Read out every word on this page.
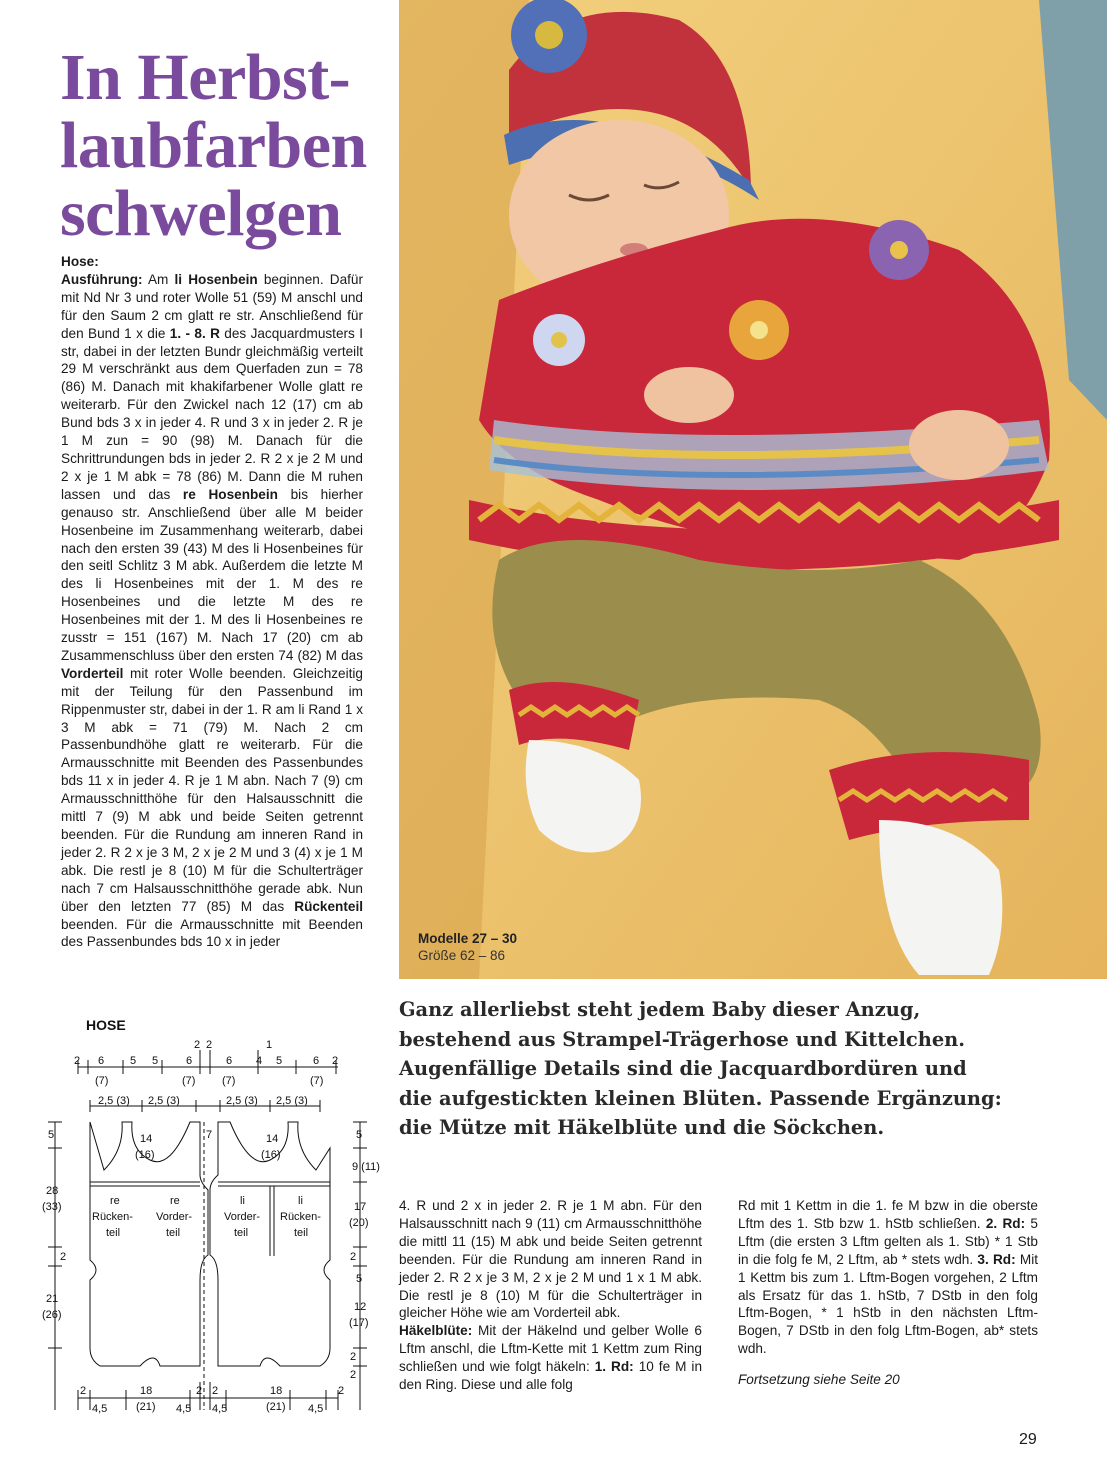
In Herbst-
laubfarben
schwelgen

Hose:

Ausführung: Am li Hosenbein beginnen. Dafür mit Nd Nr 3 und roter Wolle 51 (59) M anschl und für den Saum 2 cm glatt re str. Anschließend für den Bund 1 x die 1. - 8. R des Jacquardmusters I str, dabei in der letzten Bundr gleichmäßig verteilt 29 M verschränkt aus dem Querfaden zun = 78 (86) M. Danach mit khakifarbener Wolle glatt re weiterarb. Für den Zwickel nach 12 (17) cm ab Bund bds 3 x in jeder 4. R und 3 x in jeder 2. R je 1 M zun = 90 (98) M. Danach für die Schrittrundungen bds in jeder 2. R 2 x je 2 M und 2 x je 1 M abk = 78 (86) M. Dann die M ruhen lassen und das re Hosenbein bis hierher genauso str. Anschließend über alle M beider Hosenbeine im Zusammenhang weiterarb, dabei nach den ersten 39 (43) M des li Hosenbeines für den seitl Schlitz 3 M abk. Außerdem die letzte M des li Hosenbeines mit der 1. M des re Hosenbeines und die letzte M des re Hosenbeines mit der 1. M des li Hosenbeines re zusstr = 151 (167) M. Nach 17 (20) cm ab Zusammenschluss über den ersten 74 (82) M das Vorderteil mit roter Wolle beenden. Gleichzeitig mit der Teilung für den Passenbund im Rippenmuster str, dabei in der 1. R am li Rand 1 x 3 M abk = 71 (79) M. Nach 2 cm Passenbundhöhe glatt re weiterarb. Für die Armausschnitte mit Beenden des Passenbundes bds 11 x in jeder 4. R je 1 M abn. Nach 7 (9) cm Armausschnitthöhe für den Halsausschnitt die mittl 7 (9) M abk und beide Seiten getrennt beenden. Für die Rundung am inneren Rand in jeder 2. R 2 x je 3 M, 2 x je 2 M und 3 (4) x je 1 M abk. Die restl je 8 (10) M für die Schulterträger nach 7 cm Halsausschnitthöhe gerade abk. Nun über den letzten 77 (85) M das Rückenteil beenden. Für die Armausschnitte mit Beenden des Passenbundes bds 10 x in jeder	Modelle 27 – 30
Größe 62 – 86
Ganz allerliebst steht jedem Baby dieser Anzug,
bestehend aus Strampel-Trägerhose und Kittelchen.
Augenfällige Details sind die Jacquardbordüren und
die aufgestickten kleinen Blüten. Passende Ergänzung:
die Mütze mit Häkelblüte und die Söckchen.

4. R und 2 x in jeder 2. R je 1 M abn. Für den Halsausschnitt nach 9 (11) cm Armausschnitthöhe die mittl 11 (15) M abk und beide Seiten getrennt beenden. Für die Rundung am inneren Rand in jeder 2. R 2 x je 3 M, 2 x je 2 M und 1 x 1 M abk. Die restl je 8 (10) M für die Schulterträger in gleicher Höhe wie am Vorderteil abk.

Häkelblüte: Mit der Häkelnd und gelber Wolle 6 Lftm anschl, die Lftm-Kette mit 1 Kettm zum Ring schließen und wie folgt häkeln: 1. Rd: 10 fe M in den Ring. Diese und alle folg

Rd mit 1 Kettm in die 1. fe M bzw in die oberste Lftm des 1. Stb bzw 1. hStb schließen. 2. Rd: 5 Lftm (die ersten 3 Lftm gelten als 1. Stb) * 1 Stb in die folg fe M, 2 Lftm, ab * stets wdh. 3. Rd: Mit 1 Kettm bis zum 1. Lftm-Bogen vorgehen, 2 Lftm als Ersatz für das 1. hStb, 7 DStb in den folg Lftm-Bogen, * 1 hStb in den nächsten Lftm-Bogen, 7 DStb in den folg Lftm-Bogen, ab* stets wdh.

Fortsetzung siehe Seite 20
29
HOSE
2 2	1
2 6 5 5	6	6 4 5	6 2
(7)	(7) (7)	(7)
2,5 (3) 2,5 (3)	2,5 (3) 2,5 (3)
5
28
(33)
2
21
(26)
14
(16)
7	14
(16)
5
9 (11)
17
(20)
2
5
12
(17)
2
2
re
Rücken-
teil
re
Vorder-
teil
li
Vorder-
teil
li
Rücken-
teil
2	18
(21)
2 2	18
(21)
2
4,5	4,5 4,5	4,5
